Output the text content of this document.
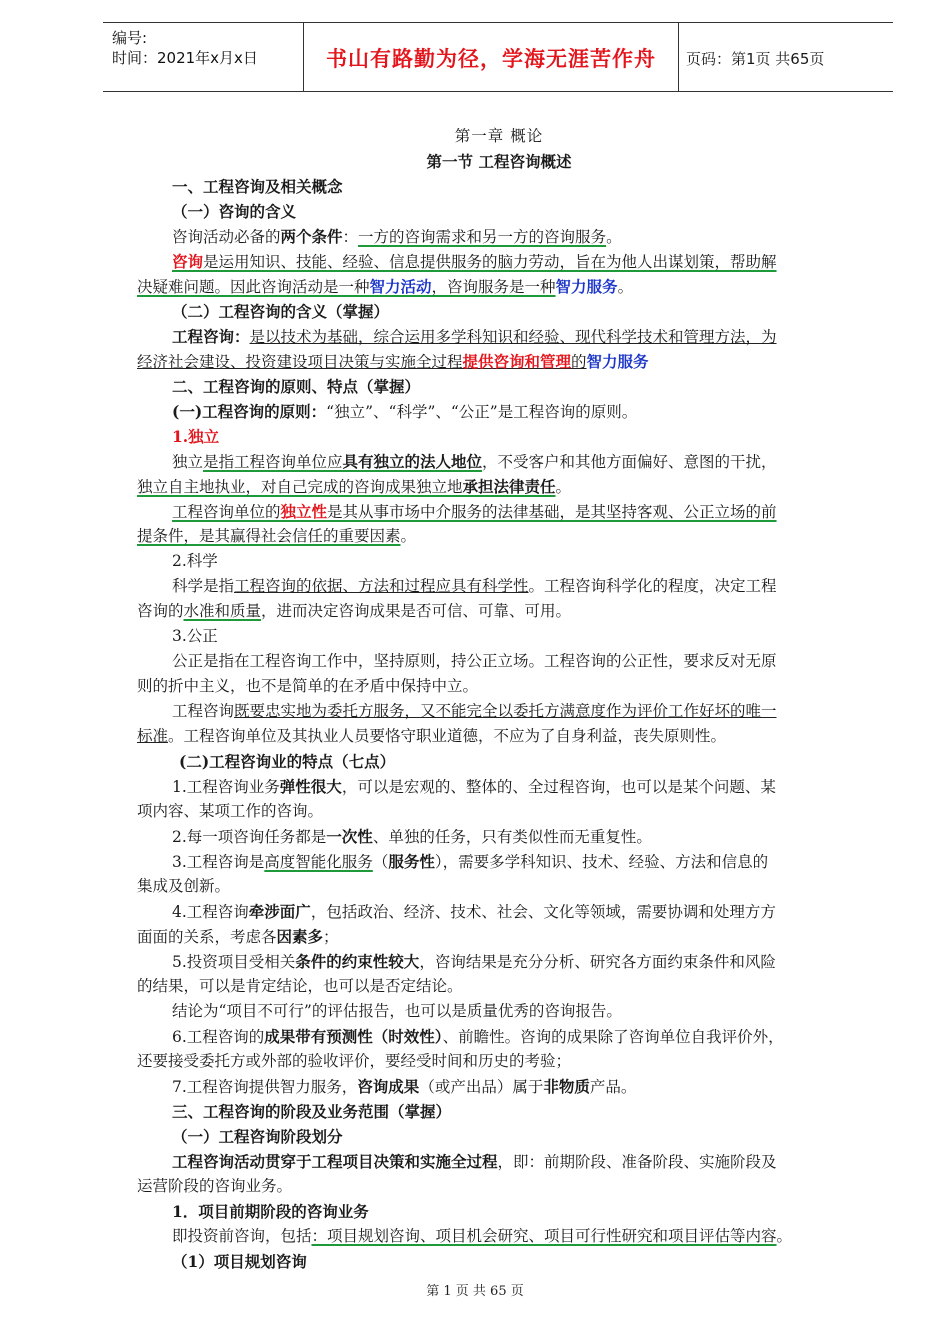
编号:
时间：2021年x月x日	书山有路勤为径，学海无涯苦作舟	页码：第1页 共65页
第一章 概论
第一节 工程咨询概述
一、工程咨询及相关概念
（一）咨询的含义
咨询活动必备的两个条件：一方的咨询需求和另一方的咨询服务。
咨询是运用知识、技能、经验、信息提供服务的脑力劳动，旨在为他人出谋划策，帮助解
决疑难问题。因此咨询活动是一种智力活动，咨询服务是一种智力服务。
（二）工程咨询的含义（掌握）
工程咨询：是以技术为基础，综合运用多学科知识和经验、现代科学技术和管理方法，为
经济社会建设、投资建设项目决策与实施全过程提供咨询和管理的智力服务
二、工程咨询的原则、特点（掌握）
(一)工程咨询的原则：“独立”、“科学”、“公正”是工程咨询的原则。
1.独立
独立是指工程咨询单位应具有独立的法人地位，不受客户和其他方面偏好、意图的干扰，
独立自主地执业，对自己完成的咨询成果独立地承担法律责任。
工程咨询单位的独立性是其从事市场中介服务的法律基础，是其坚持客观、公正立场的前
提条件，是其赢得社会信任的重要因素。
2.科学
科学是指工程咨询的依据、方法和过程应具有科学性。工程咨询科学化的程度，决定工程
咨询的水准和质量，进而决定咨询成果是否可信、可靠、可用。
3.公正
公正是指在工程咨询工作中，坚持原则，持公正立场。工程咨询的公正性，要求反对无原
则的折中主义，也不是简单的在矛盾中保持中立。
工程咨询既要忠实地为委托方服务，又不能完全以委托方满意度作为评价工作好坏的唯一
标准。工程咨询单位及其执业人员要恪守职业道德，不应为了自身利益，丧失原则性。
(二)工程咨询业的特点（七点）
1.工程咨询业务弹性很大，可以是宏观的、整体的、全过程咨询，也可以是某个问题、某
项内容、某项工作的咨询。
2.每一项咨询任务都是一次性、单独的任务，只有类似性而无重复性。
3.工程咨询是高度智能化服务（服务性），需要多学科知识、技术、经验、方法和信息的
集成及创新。
4.工程咨询牵涉面广，包括政治、经济、技术、社会、文化等领域，需要协调和处理方方
面面的关系，考虑各因素多；
5.投资项目受相关条件的约束性较大，咨询结果是充分分析、研究各方面约束条件和风险
的结果，可以是肯定结论，也可以是否定结论。
结论为“项目不可行”的评估报告，也可以是质量优秀的咨询报告。
6.工程咨询的成果带有预测性（时效性）、前瞻性。咨询的成果除了咨询单位自我评价外，
还要接受委托方或外部的验收评价，要经受时间和历史的考验；
7.工程咨询提供智力服务，咨询成果（或产出品）属于非物质产品。
三、工程咨询的阶段及业务范围（掌握）
（一）工程咨询阶段划分
工程咨询活动贯穿于工程项目决策和实施全过程，即：前期阶段、准备阶段、实施阶段及
运营阶段的咨询业务。
1．项目前期阶段的咨询业务
即投资前咨询，包括：项目规划咨询、项目机会研究、项目可行性研究和项目评估等内容。
（1）项目规划咨询
第 1 页 共 65 页
